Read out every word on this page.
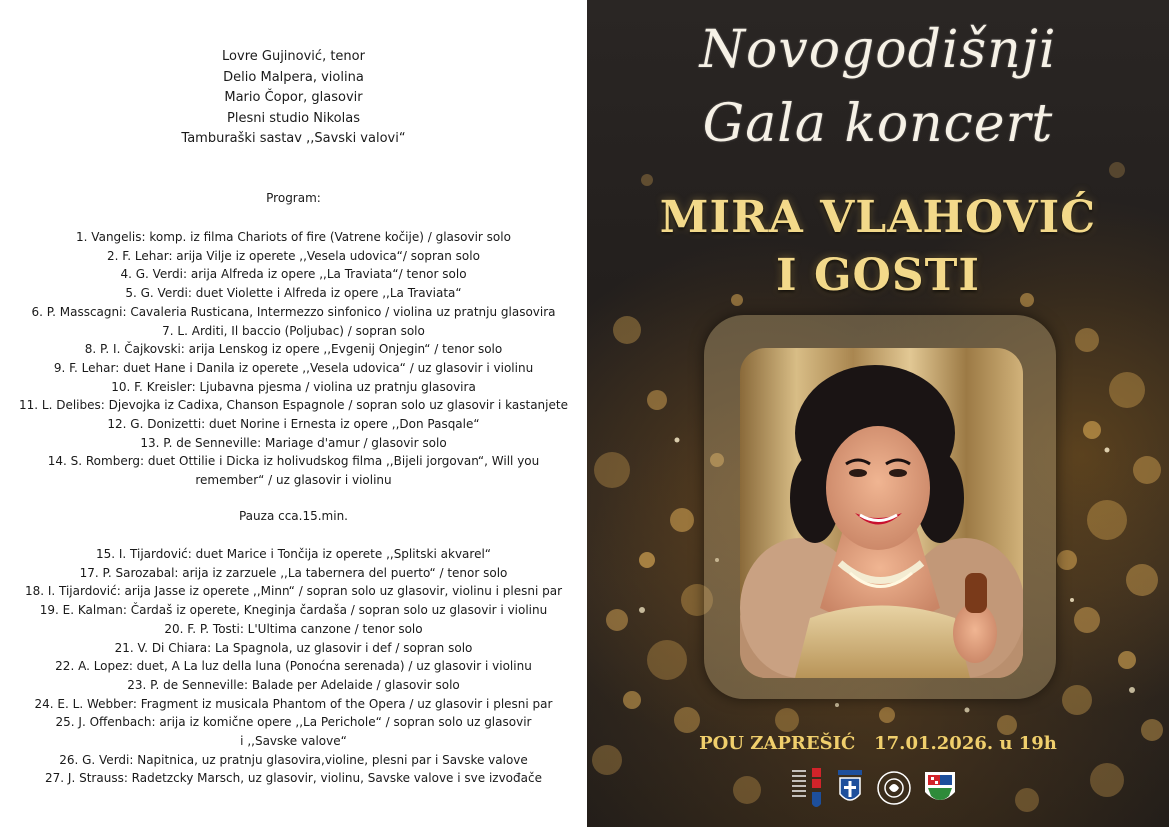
Lovre Gujinović, tenor
Delio Malpera, violina
Mario Čopor, glasovir
Plesni studio Nikolas
Tamburaški sastav ,,Savski valovi“
Program:
1. Vangelis: komp. iz filma Chariots of fire (Vatrene kočije) / glasovir solo
2. F. Lehar: arija Vilje iz operete ,,Vesela udovica“/ sopran solo
4. G. Verdi: arija Alfreda iz opere ,,La Traviata“/ tenor solo
5. G. Verdi: duet Violette i Alfreda iz opere ,,La Traviata“
6. P. Masscagni: Cavaleria Rusticana, Intermezzo sinfonico / violina uz pratnju glasovira
7. L. Arditi, Il baccio (Poljubac) / sopran solo
8. P. I. Čajkovski: arija Lenskog iz opere ,,Evgenij Onjegin“ / tenor solo
9. F. Lehar: duet Hane i Danila iz operete ,,Vesela udovica“ / uz glasovir i violinu
10. F. Kreisler: Ljubavna pjesma / violina uz pratnju glasovira
11. L. Delibes: Djevojka iz Cadixa, Chanson Espagnole / sopran solo uz glasovir i kastanjete
12. G. Donizetti: duet Norine i Ernesta iz opere ,,Don Pasqale“
13. P. de Senneville: Mariage d'amur / glasovir solo
14. S. Romberg: duet Ottilie i Dicka iz holivudskog filma ,,Bijeli jorgovan“, Will you
remember“ / uz glasovir i violinu
Pauza cca.15.min.
15. I. Tijardović: duet Marice i Tončija iz operete ,,Splitski akvarel“
17. P. Sarozabal: arija iz zarzuele ,,La tabernera del puerto“ / tenor solo
18. I. Tijardović: arija Jasse iz operete ,,Minn“ / sopran solo uz glasovir, violinu i plesni par
19. E. Kalman: Čardaš iz operete, Kneginja čardaša / sopran solo uz glasovir i violinu
20. F. P. Tosti: L'Ultima canzone / tenor solo
21. V. Di Chiara: La Spagnola, uz glasovir i def / sopran solo
22. A. Lopez: duet, A La luz della luna (Ponoćna serenada) / uz glasovir i violinu
23. P. de Senneville: Balade per Adelaide / glasovir solo
24. E. L. Webber: Fragment iz musicala Phantom of the Opera / uz glasovir i plesni par
25. J. Offenbach: arija iz komične opere ,,La Perichole“ / sopran solo uz glasovir
i ,,Savske valove“
26. G. Verdi: Napitnica, uz pratnju glasovira,violine, plesni par i Savske valove
27. J. Strauss: Radetzcky Marsch, uz glasovir, violinu, Savske valove i sve izvođače
Novogodišnji
Gala koncert
MIRA VLAHOVIĆ
I GOSTI
POU ZAPREŠIĆ   17.01.2026. u 19h
